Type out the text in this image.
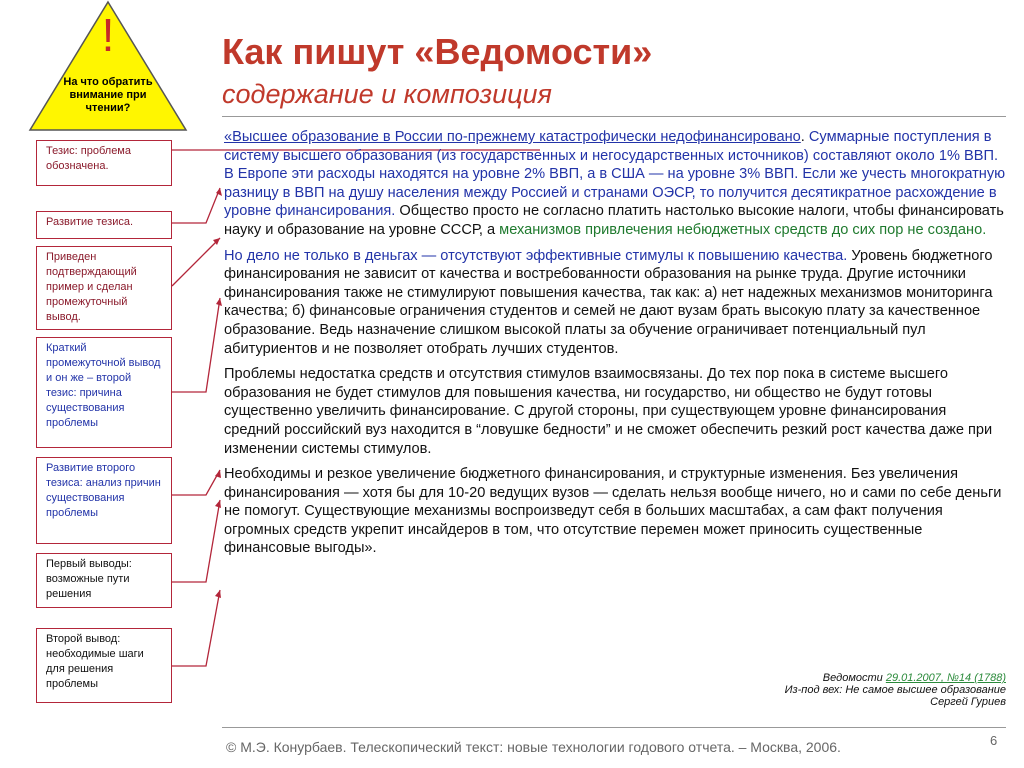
!
На что обратить внимание при чтении?
Как пишут «Ведомости»
содержание и композиция
Тезис: проблема обозначена.
Развитие тезиса.
Приведен подтверждающий пример и сделан промежуточный вывод.
Краткий промежуточной вывод и он же – второй тезис: причина существования проблемы
Развитие второго тезиса: анализ причин существования проблемы
Первый выводы: возможные пути решения
Второй вывод: необходимые шаги для решения проблемы

«Высшее образование в России по-прежнему катастрофически недофинансировано. Суммарные поступления в систему высшего образования (из государственных и негосударственных источников) составляют около 1% ВВП. В Европе эти расходы находятся на уровне 2% ВВП, а в США — на уровне 3% ВВП. Если же учесть многократную разницу в ВВП на душу населения между Россией и странами ОЭСР, то получится десятикратное расхождение в уровне финансирования. Общество просто не согласно платить настолько высокие налоги, чтобы финансировать науку и образование на уровне СССР, а механизмов привлечения небюджетных средств до сих пор не создано.

Но дело не только в деньгах — отсутствуют эффективные стимулы к повышению качества. Уровень бюджетного финансирования не зависит от качества и востребованности образования на рынке труда. Другие источники финансирования также не стимулируют повышения качества, так как: а) нет надежных механизмов мониторинга качества; б) финансовые ограничения студентов и семей не дают вузам брать высокую плату за качественное образование. Ведь назначение слишком высокой платы за обучение ограничивает потенциальный пул абитуриентов и не позволяет отобрать лучших студентов.

Проблемы недостатка средств и отсутствия стимулов взаимосвязаны. До тех пор пока в системе высшего образования не будет стимулов для повышения качества, ни государство, ни общество не будут готовы существенно увеличить финансирование. С другой стороны, при существующем уровне финансирования средний российский вуз находится в “ловушке бедности” и не сможет обеспечить резкий рост качества даже при изменении системы стимулов.

Необходимы и резкое увеличение бюджетного финансирования, и структурные изменения. Без увеличения финансирования — хотя бы для 10-20 ведущих вузов — сделать нельзя вообще ничего, но и сами по себе деньги не помогут. Существующие механизмы воспроизведут себя в больших масштабах, а сам факт получения огромных средств укрепит инсайдеров в том, что отсутствие перемен может приносить существенные финансовые выгоды».

Ведомости 29.01.2007, №14 (1788)
Из-под вех: Не самое высшее образование
Сергей Гуриев
© М.Э. Конурбаев. Телескопический текст: новые технологии годового отчета. – Москва, 2006.	6
